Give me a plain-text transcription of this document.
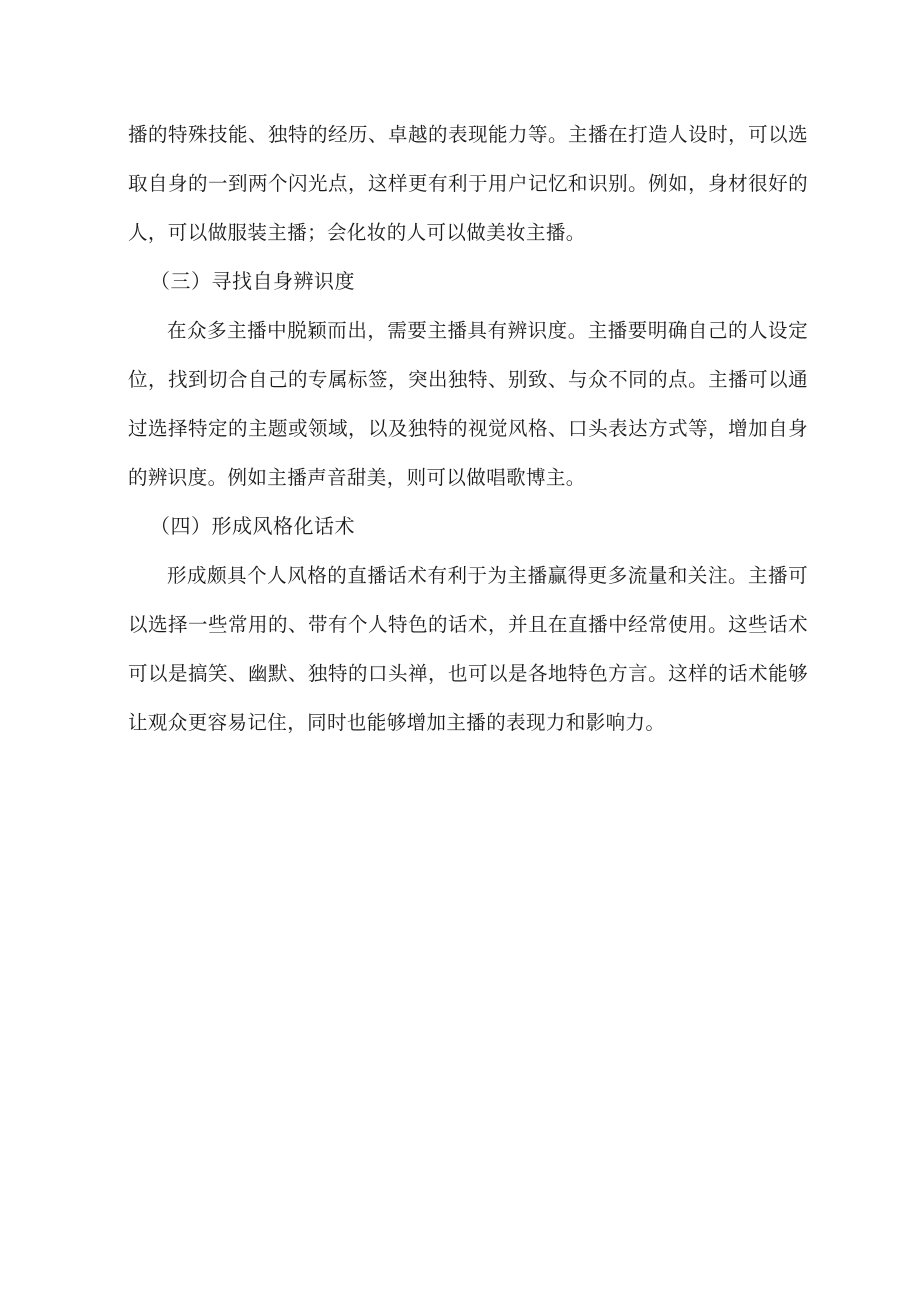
播的特殊技能、独特的经历、卓越的表现能力等。主播在打造人设时，可以选取自身的一到两个闪光点，这样更有利于用户记忆和识别。例如，身材很好的人，可以做服装主播；会化妆的人可以做美妆主播。

（三）寻找自身辨识度

在众多主播中脱颖而出，需要主播具有辨识度。主播要明确自己的人设定位，找到切合自己的专属标签，突出独特、别致、与众不同的点。主播可以通过选择特定的主题或领域，以及独特的视觉风格、口头表达方式等，增加自身的辨识度。例如主播声音甜美，则可以做唱歌博主。

（四）形成风格化话术

形成颇具个人风格的直播话术有利于为主播赢得更多流量和关注。主播可以选择一些常用的、带有个人特色的话术，并且在直播中经常使用。这些话术可以是搞笑、幽默、独特的口头禅，也可以是各地特色方言。这样的话术能够让观众更容易记住，同时也能够增加主播的表现力和影响力。
